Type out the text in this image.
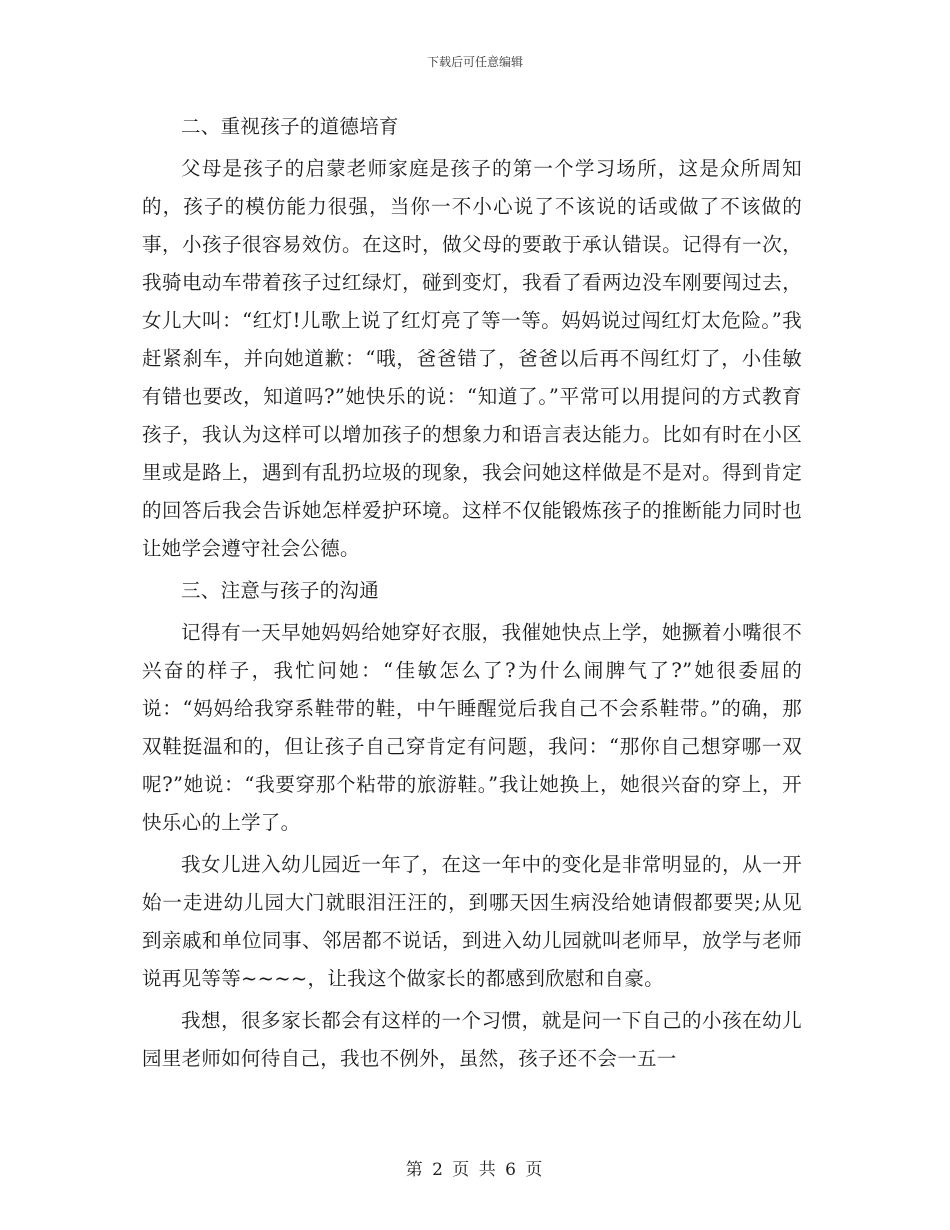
下载后可任意编辑

二、重视孩子的道德培育

父母是孩子的启蒙老师家庭是孩子的第一个学习场所，这是众所周知的，孩子的模仿能力很强，当你一不小心说了不该说的话或做了不该做的事，小孩子很容易效仿。在这时，做父母的要敢于承认错误。记得有一次，我骑电动车带着孩子过红绿灯，碰到变灯，我看了看两边没车刚要闯过去，女儿大叫：“红灯!儿歌上说了红灯亮了等一等。妈妈说过闯红灯太危险。”我赶紧刹车，并向她道歉：“哦，爸爸错了，爸爸以后再不闯红灯了，小佳敏有错也要改，知道吗?”她快乐的说：“知道了。”平常可以用提问的方式教育孩子，我认为这样可以增加孩子的想象力和语言表达能力。比如有时在小区里或是路上，遇到有乱扔垃圾的现象，我会问她这样做是不是对。得到肯定的回答后我会告诉她怎样爱护环境。这样不仅能锻炼孩子的推断能力同时也让她学会遵守社会公德。

三、注意与孩子的沟通

记得有一天早她妈妈给她穿好衣服，我催她快点上学，她撅着小嘴很不兴奋的样子，我忙问她：“佳敏怎么了?为什么闹脾气了?”她很委屈的说：“妈妈给我穿系鞋带的鞋，中午睡醒觉后我自己不会系鞋带。”的确，那双鞋挺温和的，但让孩子自己穿肯定有问题，我问：“那你自己想穿哪一双呢?”她说：“我要穿那个粘带的旅游鞋。”我让她换上，她很兴奋的穿上，开快乐心的上学了。

我女儿进入幼儿园近一年了，在这一年中的变化是非常明显的，从一开始一走进幼儿园大门就眼泪汪汪的，到哪天因生病没给她请假都要哭;从见到亲戚和单位同事、邻居都不说话，到进入幼儿园就叫老师早，放学与老师说再见等等~~~~，让我这个做家长的都感到欣慰和自豪。

我想，很多家长都会有这样的一个习惯，就是问一下自己的小孩在幼儿园里老师如何待自己，我也不例外，虽然，孩子还不会一五一

第 2 页 共 6 页
